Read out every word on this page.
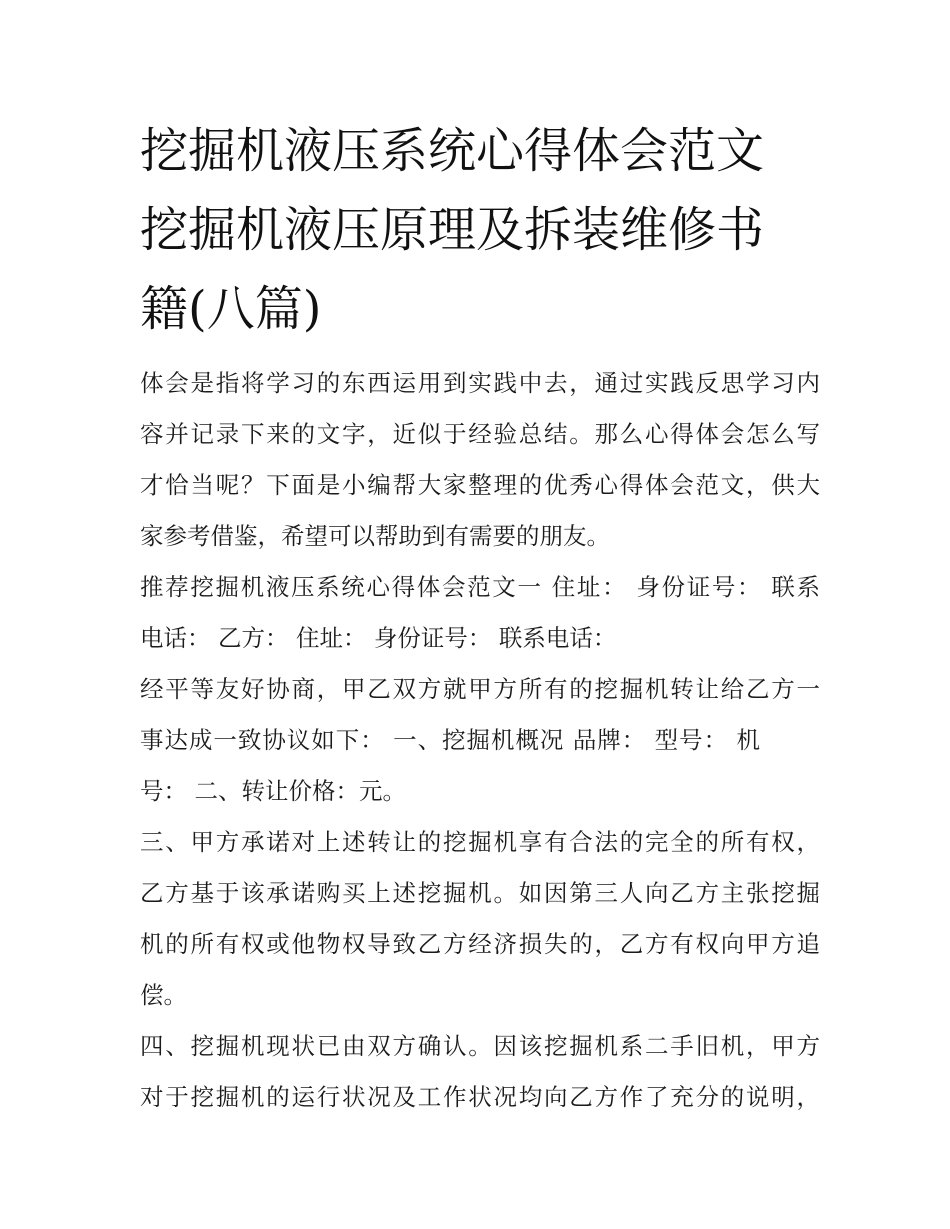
挖掘机液压系统心得体会范文
挖掘机液压原理及拆装维修书
籍(八篇)
体会是指将学习的东西运用到实践中去，通过实践反思学习内
容并记录下来的文字，近似于经验总结。那么心得体会怎么写
才恰当呢？下面是小编帮大家整理的优秀心得体会范文，供大
家参考借鉴，希望可以帮助到有需要的朋友。
推荐挖掘机液压系统心得体会范文一 住址： 身份证号： 联系
电话： 乙方： 住址： 身份证号： 联系电话：
经平等友好协商，甲乙双方就甲方所有的挖掘机转让给乙方一
事达成一致协议如下： 一、挖掘机概况 品牌： 型号： 机
号： 二、转让价格：元。
三、甲方承诺对上述转让的挖掘机享有合法的完全的所有权，
乙方基于该承诺购买上述挖掘机。如因第三人向乙方主张挖掘
机的所有权或他物权导致乙方经济损失的，乙方有权向甲方追
偿。
四、挖掘机现状已由双方确认。因该挖掘机系二手旧机，甲方
对于挖掘机的运行状况及工作状况均向乙方作了充分的说明，
